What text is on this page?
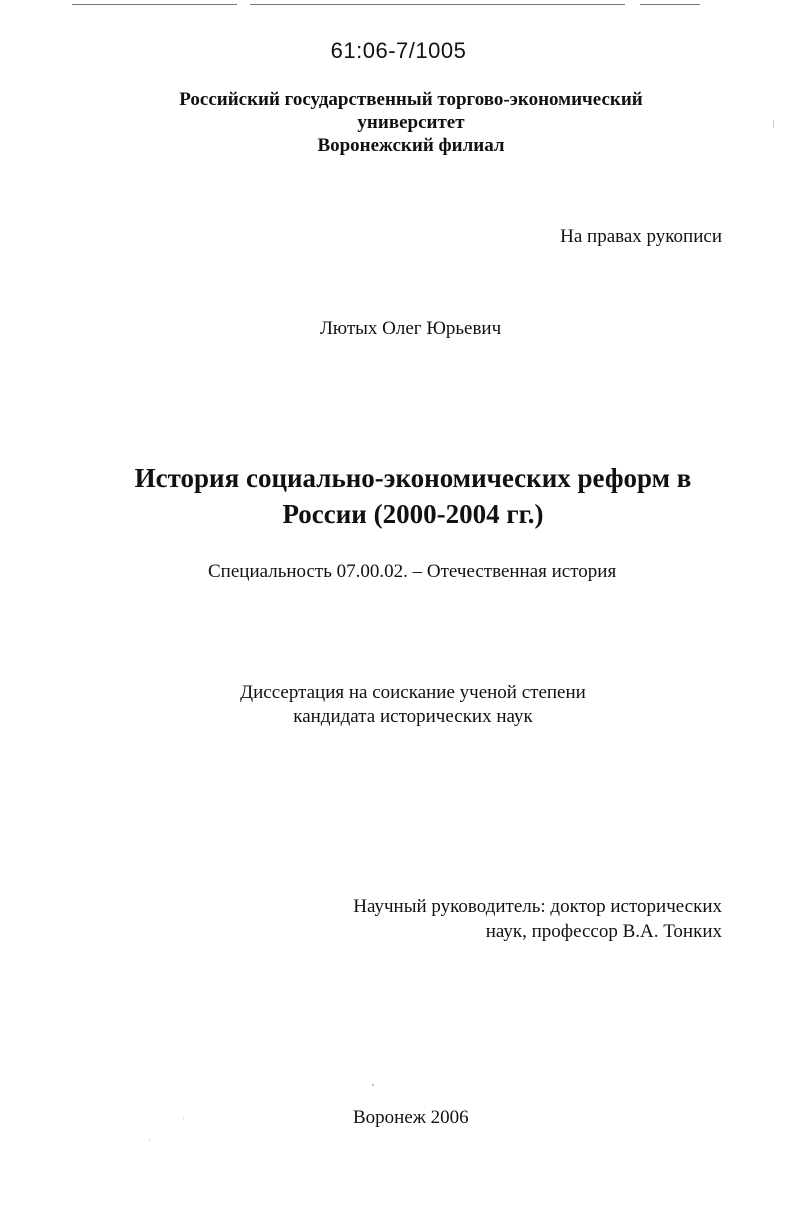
61:06-7/1005
Российский государственный торгово-экономический
университет
Воронежский филиал
На правах рукописи
Лютых Олег Юрьевич
История социально-экономических реформ в
России (2000-2004 гг.)
Специальность 07.00.02. – Отечественная история
Диссертация на соискание ученой степени
кандидата исторических наук
Научный руководитель: доктор исторических
наук, профессор В.А. Тонких
Воронеж 2006
